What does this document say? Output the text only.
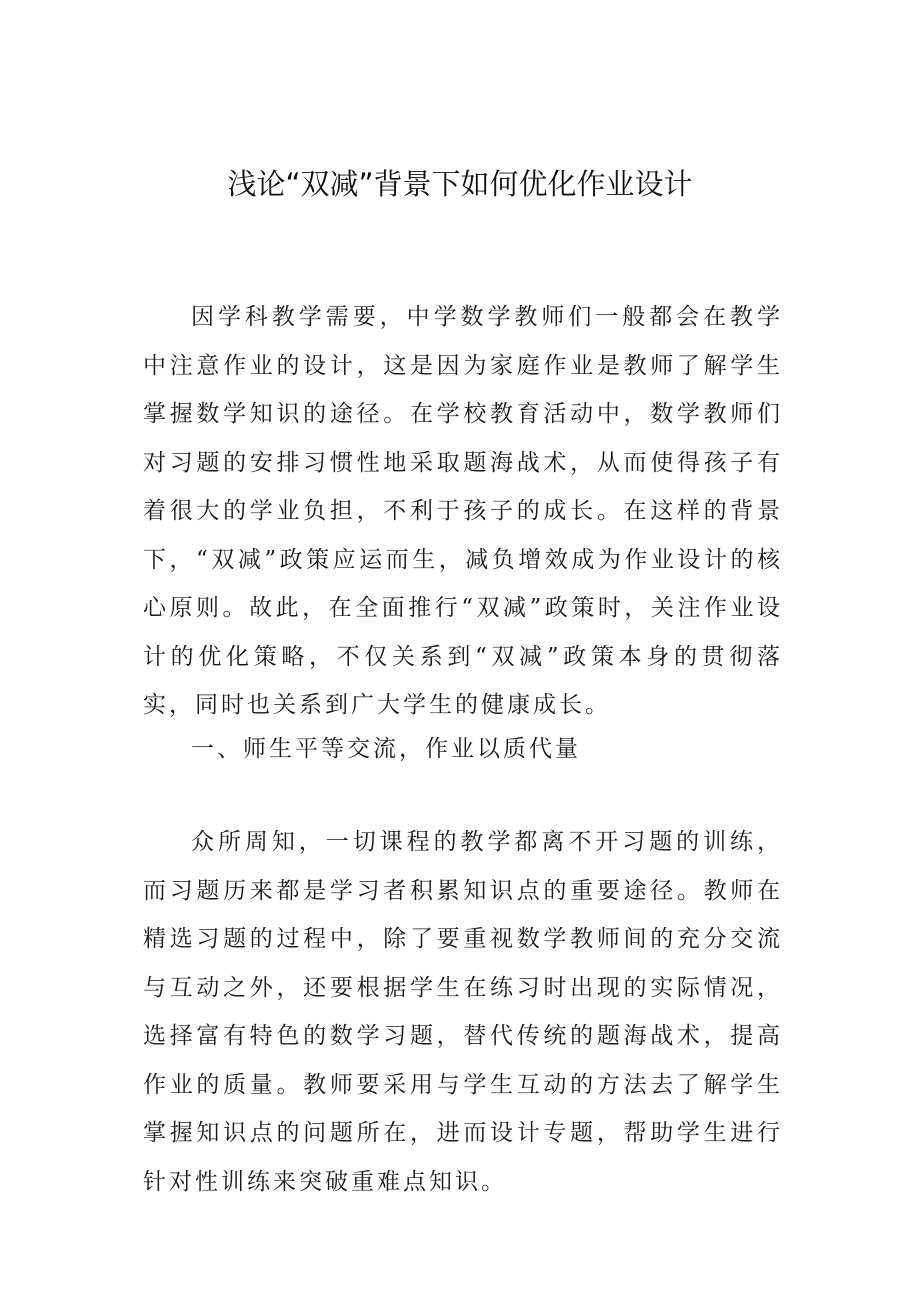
浅论“双减”背景下如何优化作业设计

因学科教学需要，中学数学教师们一般都会在教学中注意作业的设计，这是因为家庭作业是教师了解学生掌握数学知识的途径。在学校教育活动中，数学教师们对习题的安排习惯性地采取题海战术，从而使得孩子有着很大的学业负担，不利于孩子的成长。在这样的背景下，“双减”政策应运而生，减负增效成为作业设计的核心原则。故此，在全面推行“双减”政策时，关注作业设计的优化策略，不仅关系到“双减”政策本身的贯彻落实，同时也关系到广大学生的健康成长。

一、师生平等交流，作业以质代量

众所周知，一切课程的教学都离不开习题的训练，而习题历来都是学习者积累知识点的重要途径。教师在精选习题的过程中，除了要重视数学教师间的充分交流与互动之外，还要根据学生在练习时出现的实际情况，选择富有特色的数学习题，替代传统的题海战术，提高作业的质量。教师要采用与学生互动的方法去了解学生掌握知识点的问题所在，进而设计专题，帮助学生进行针对性训练来突破重难点知识。
